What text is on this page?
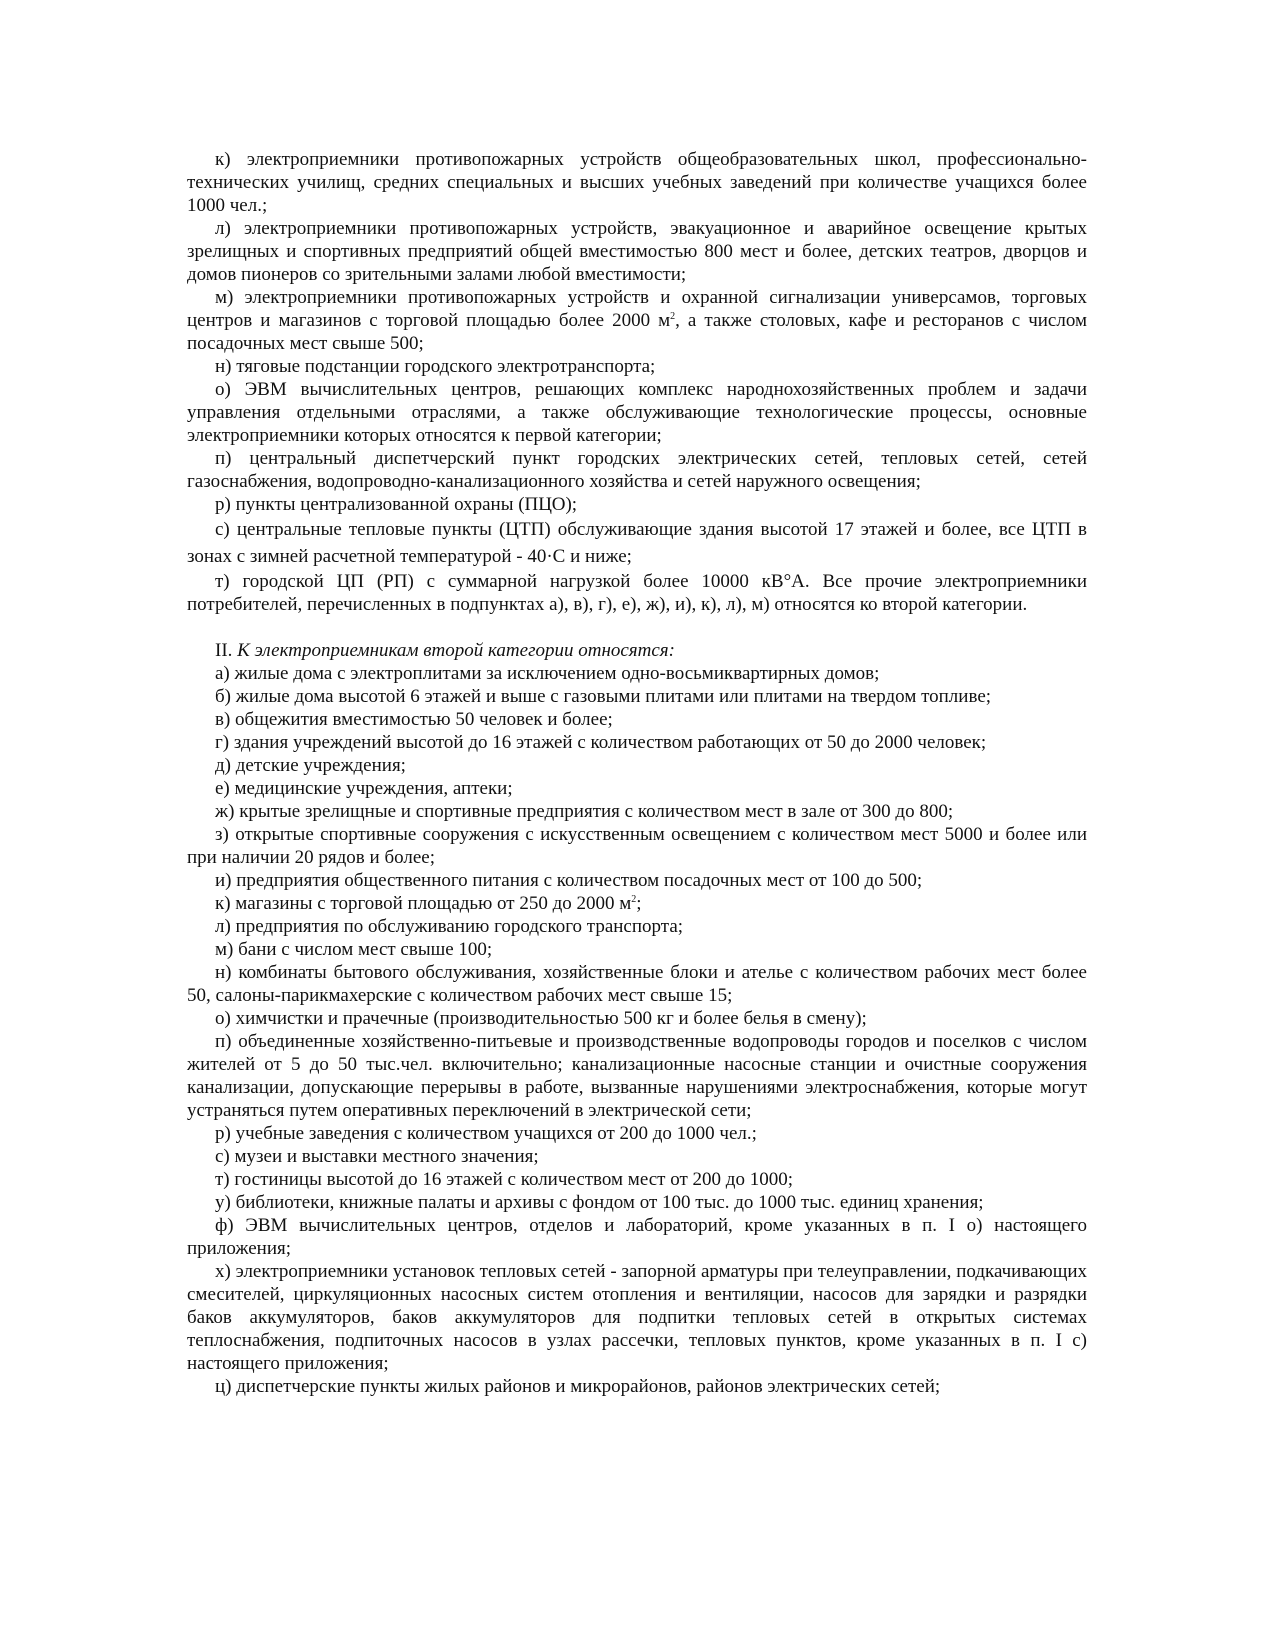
к) электроприемники противопожарных устройств общеобразовательных школ, профессионально-технических училищ, средних специальных и высших учебных заведений при количестве учащихся более 1000 чел.;

л) электроприемники противопожарных устройств, эвакуационное и аварийное освещение крытых зрелищных и спортивных предприятий общей вместимостью 800 мест и более, детских театров, дворцов и домов пионеров со зрительными залами любой вместимости;

м) электроприемники противопожарных устройств и охранной сигнализации универсамов, торговых центров и магазинов с торговой площадью более 2000 $м^2$, а также столовых, кафе и ресторанов с числом посадочных мест свыше 500;

н) тяговые подстанции городского электротранспорта;

о) ЭВМ вычислительных центров, решающих комплекс народнохозяйственных проблем и задачи управления отдельными отраслями, а также обслуживающие технологические процессы, основные электроприемники которых относятся к первой категории;

п) центральный диспетчерский пункт городских электрических сетей, тепловых сетей, сетей газоснабжения, водопроводно-канализационного хозяйства и сетей наружного освещения;

р) пункты централизованной охраны (ПЦО);

с) центральные тепловые пункты (ЦТП) обслуживающие здания высотой 17 этажей и более, все ЦТП в зонах с зимней расчетной температурой - 40·С и ниже;

т) городской ЦП (РП) с суммарной нагрузкой более 10000 кВ°А. Все прочие электроприемники потребителей, перечисленных в подпунктах а), в), г), е), ж), и), к), л), м) относятся ко второй категории.

II. К электроприемникам второй категории относятся:

а) жилые дома с электроплитами за исключением одно-восьмиквартирных домов;

б) жилые дома высотой 6 этажей и выше с газовыми плитами или плитами на твердом топливе;

в) общежития вместимостью 50 человек и более;

г) здания учреждений высотой до 16 этажей с количеством работающих от 50 до 2000 человек;

д) детские учреждения;

е) медицинские учреждения, аптеки;

ж) крытые зрелищные и спортивные предприятия с количеством мест в зале от 300 до 800;

з) открытые спортивные сооружения с искусственным освещением с количеством мест 5000 и более или при наличии 20 рядов и более;

и) предприятия общественного питания с количеством посадочных мест от 100 до 500;

к) магазины с торговой площадью от 250 до 2000 $м^2$;

л) предприятия по обслуживанию городского транспорта;

м) бани с числом мест свыше 100;

н) комбинаты бытового обслуживания, хозяйственные блоки и ателье с количеством рабочих мест более 50, салоны-парикмахерские с количеством рабочих мест свыше 15;

о) химчистки и прачечные (производительностью 500 кг и более белья в смену);

п) объединенные хозяйственно-питьевые и производственные водопроводы городов и поселков с числом жителей от 5 до 50 тыс.чел. включительно; канализационные насосные станции и очистные сооружения канализации, допускающие перерывы в работе, вызванные нарушениями электроснабжения, которые могут устраняться путем оперативных переключений в электрической сети;

р) учебные заведения с количеством учащихся от 200 до 1000 чел.;

с) музеи и выставки местного значения;

т) гостиницы высотой до 16 этажей с количеством мест от 200 до 1000;

у) библиотеки, книжные палаты и архивы с фондом от 100 тыс. до 1000 тыс. единиц хранения;

ф) ЭВМ вычислительных центров, отделов и лабораторий, кроме указанных в п. I о) настоящего приложения;

х) электроприемники установок тепловых сетей - запорной арматуры при телеуправлении, подкачивающих смесителей, циркуляционных насосных систем отопления и вентиляции, насосов для зарядки и разрядки баков аккумуляторов, баков аккумуляторов для подпитки тепловых сетей в открытых системах теплоснабжения, подпиточных насосов в узлах рассечки, тепловых пунктов, кроме указанных в п. I с) настоящего приложения;

ц) диспетчерские пункты жилых районов и микрорайонов, районов электрических сетей;
